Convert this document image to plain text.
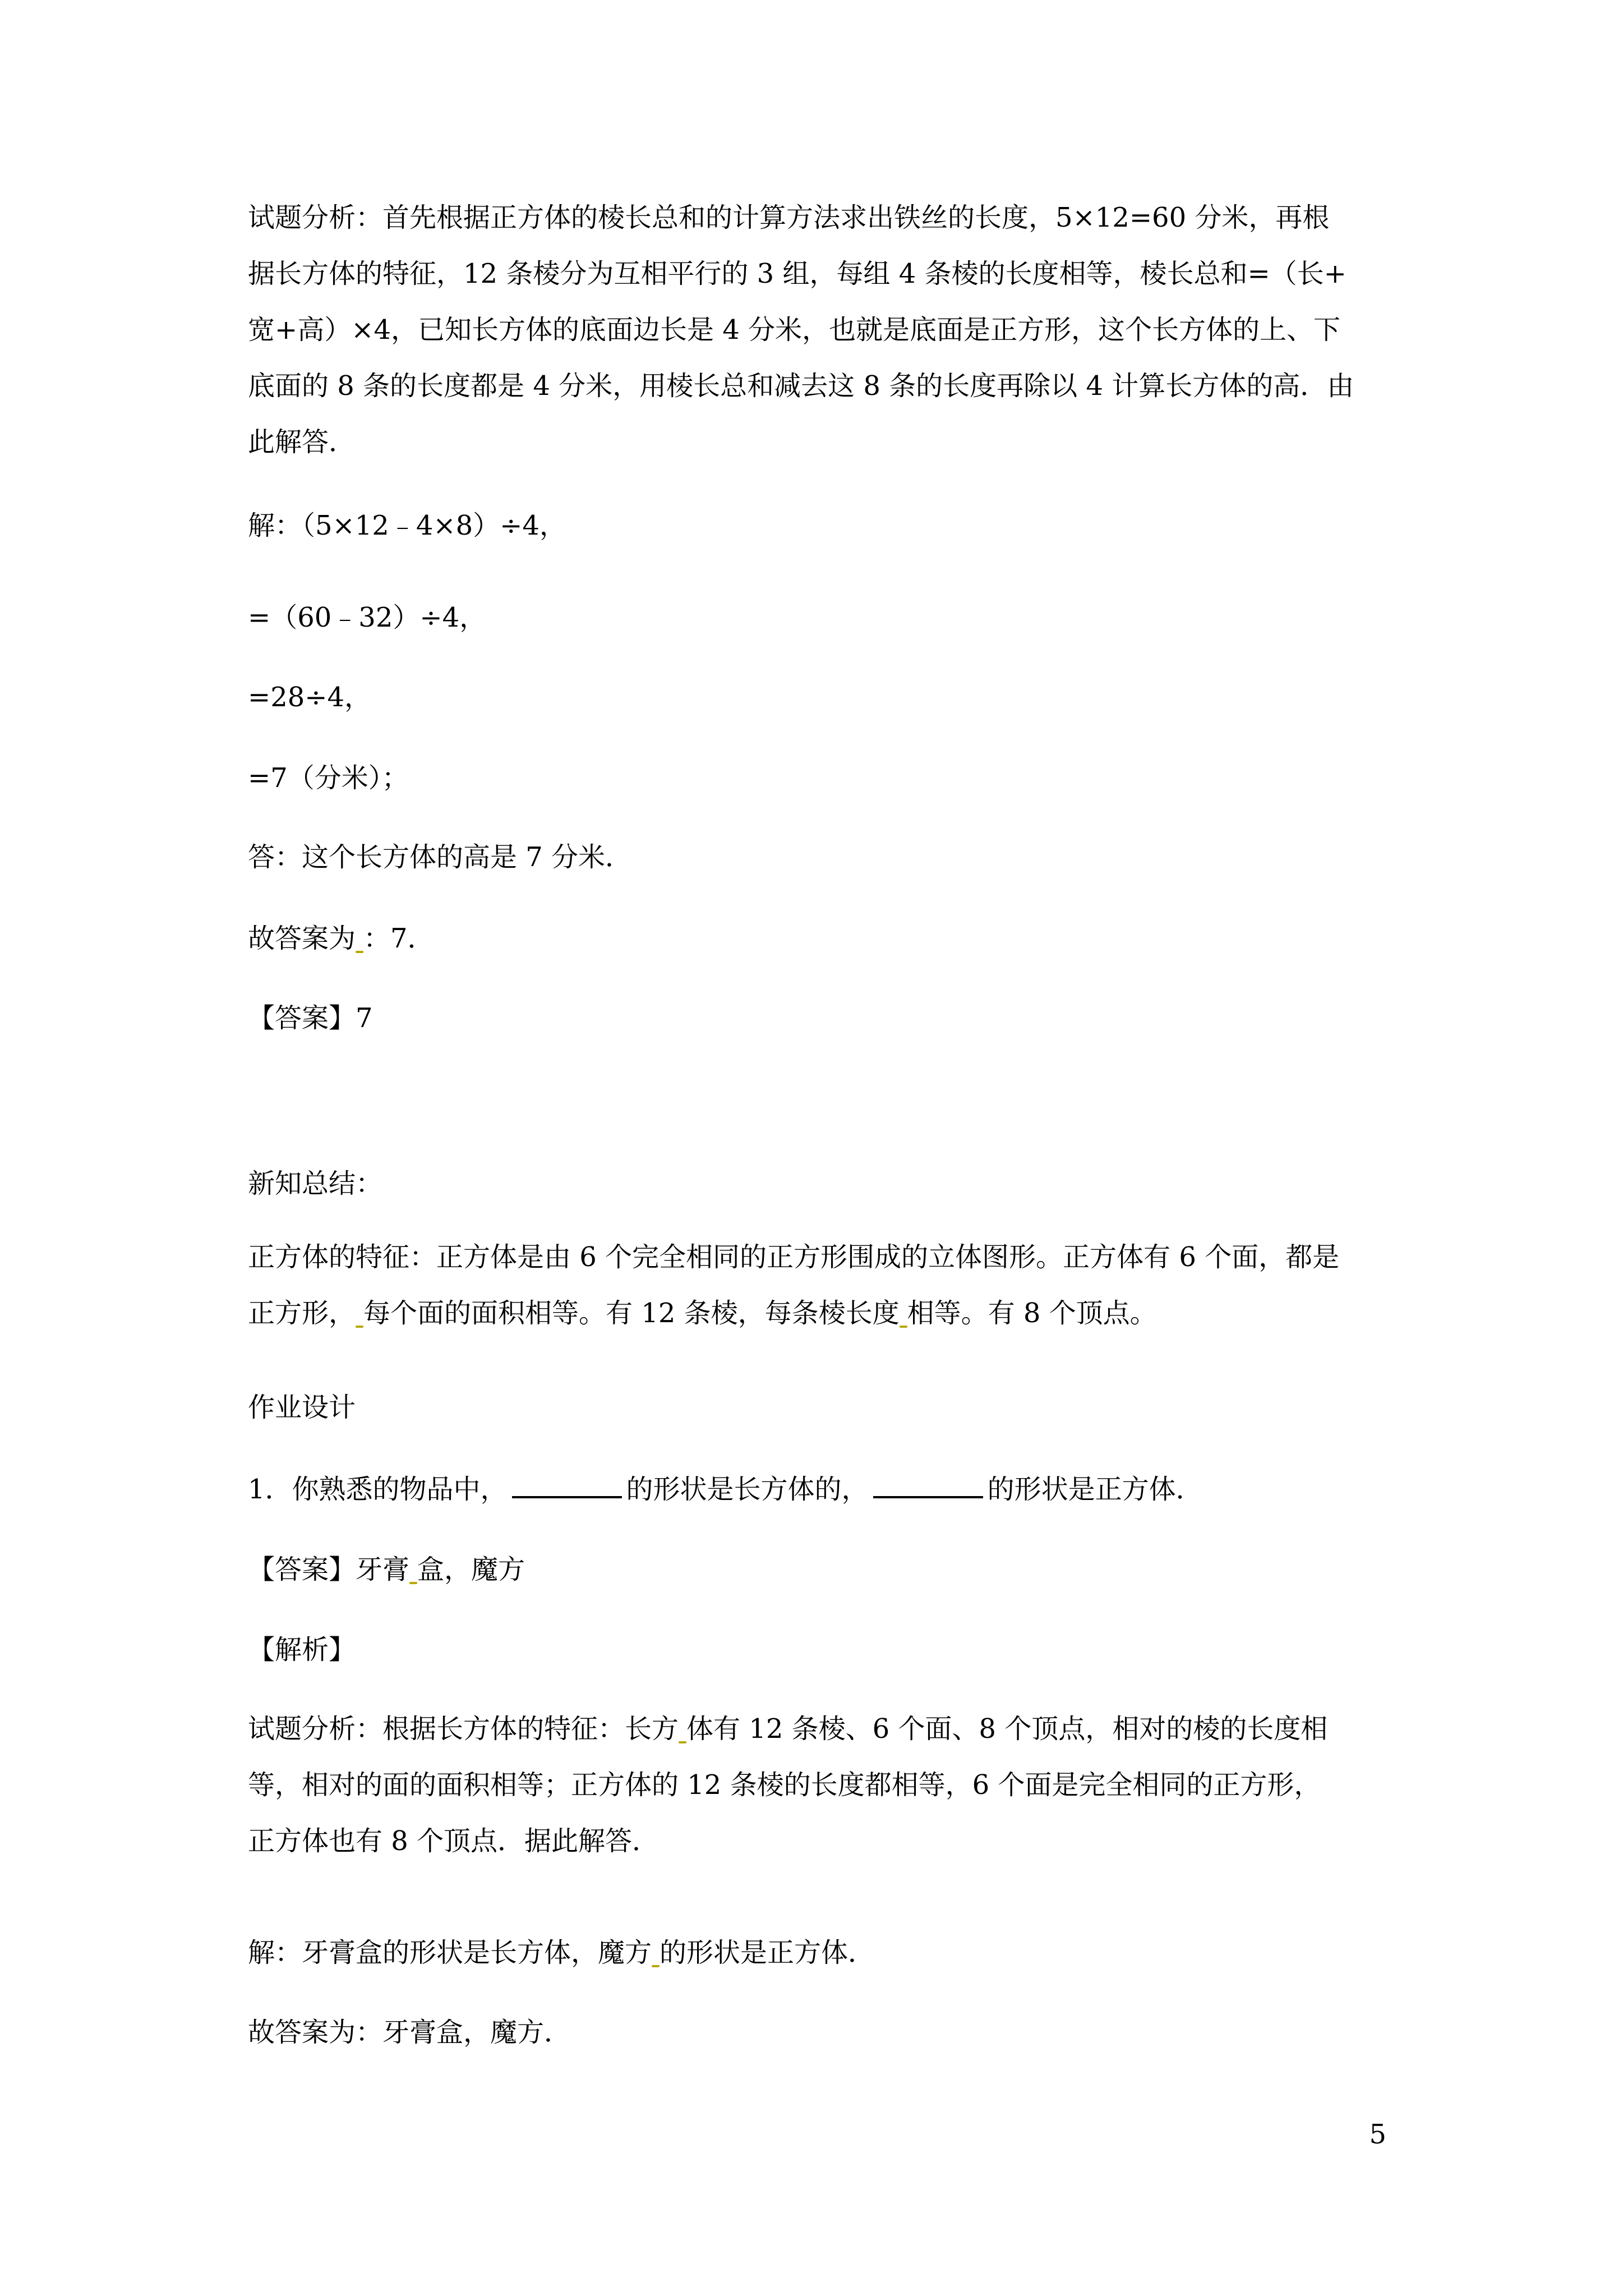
试题分析：首先根据正方体的棱长总和的计算方法求出铁丝的长度，5×12=60 分米，再根
据长方体的特征，12 条棱分为互相平行的 3 组，每组 4 条棱的长度相等，棱长总和=（长+
宽+高）×4，已知长方体的底面边长是 4 分米，也就是底面是正方形，这个长方体的上、下
底面的 8 条的长度都是 4 分米，用棱长总和减去这 8 条的长度再除以 4 计算长方体的高．由
此解答．
解：（5×12﹣4×8）÷4，
=（60﹣32）÷4，
=28÷4，
=7（分米）；
答：这个长方体的高是 7 分米．
故答案为 ：7．
【答案】7
新知总结：
正方体的特征：正方体是由 6 个完全相同的正方形围成的立体图形。正方体有 6 个面，都是
正方形， 每个面的面积相等。有 12 条棱，每条棱长度 相等。有 8 个顶点。
作业设计
1．你熟悉的物品中，	的形状是长方体的，	的形状是正方体．
【答案】牙膏 盒，魔方
【解析】
试题分析：根据长方体的特征：长方 体有 12 条棱、6 个面、8 个顶点，相对的棱的长度相
等，相对的面的面积相等；正方体的 12 条棱的长度都相等，6 个面是完全相同的正方形，
正方体也有 8 个顶点．据此解答．
解：牙膏盒的形状是长方体，魔方 的形状是正方体．
故答案为：牙膏盒，魔方．
5
